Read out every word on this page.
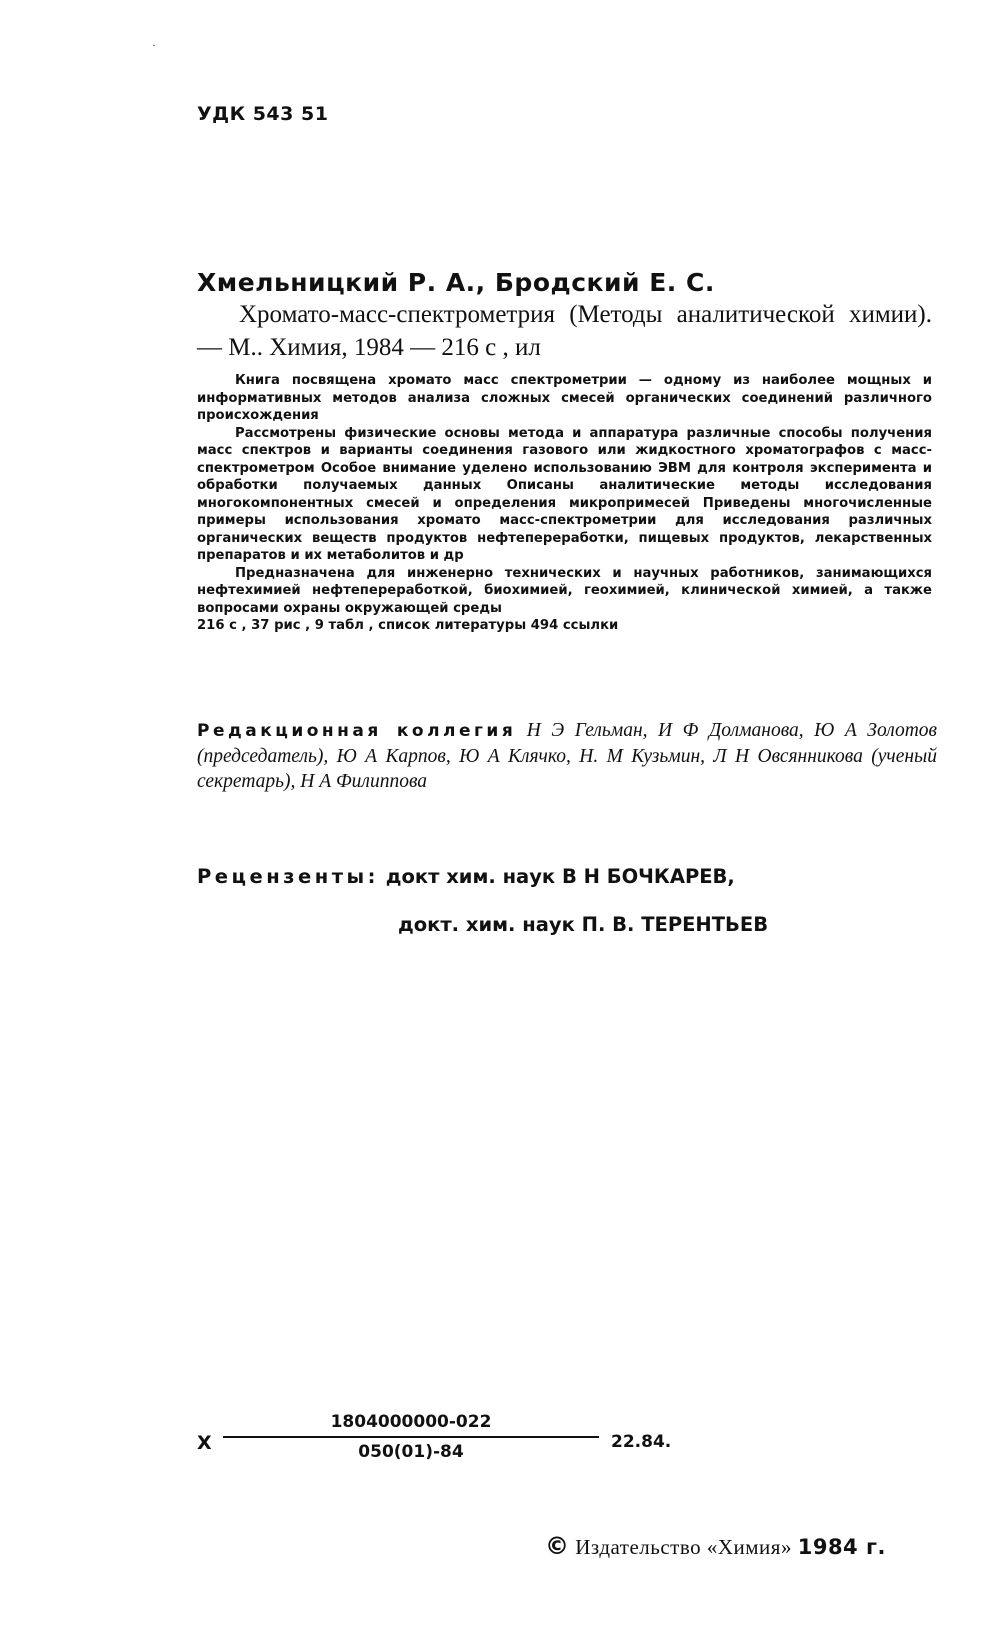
·
УДК 543 51
Хмельницкий Р. А., Бродский Е. С.
Хромато-масс-спектрометрия (Методы аналитической химии). — М.. Химия, 1984 — 216 с , ил

Книга посвящена хромато масс спектрометрии — одному из наиболее мощных и информативных методов анализа сложных смесей органических соединений различного происхождения

Рассмотрены физические основы метода и аппаратура различные способы получения масс спектров и варианты соединения газового или жидкостного хроматографов с масс-спектрометром Особое внимание уделено использованию ЭВМ для контроля эксперимента и обработки получаемых данных Описаны аналитические методы исследования многокомпонентных смесей и определения микропримесей Приведены многочисленные примеры использования хромато масс-спектрометрии для исследования различных органических веществ продуктов нефтепереработки, пищевых продуктов, лекарственных препаратов и их метаболитов и др

Предназначена для инженерно технических и научных работников, занимающихся нефтехимией нефтепереработкой, биохимией, геохимией, клинической химией, а также вопросами охраны окружающей среды

216 с , 37 рис , 9 табл , список литературы 494 ссылки

Редакционная коллегия Н Э Гельман, И Ф Долманова, Ю А Золотов (председатель), Ю А Карпов, Ю А Клячко, Н. М Кузьмин, Л Н Овсянникова (ученый секретарь), Н А Филиппова
Рецензенты: докт хим. наук В Н БОЧКАРЕВ,
докт. хим. наук П. В. ТЕРЕНТЬЕВ
Х
1804000000-022
050(01)-84	22.84.
© Издательство «Химия» 1984 г.
